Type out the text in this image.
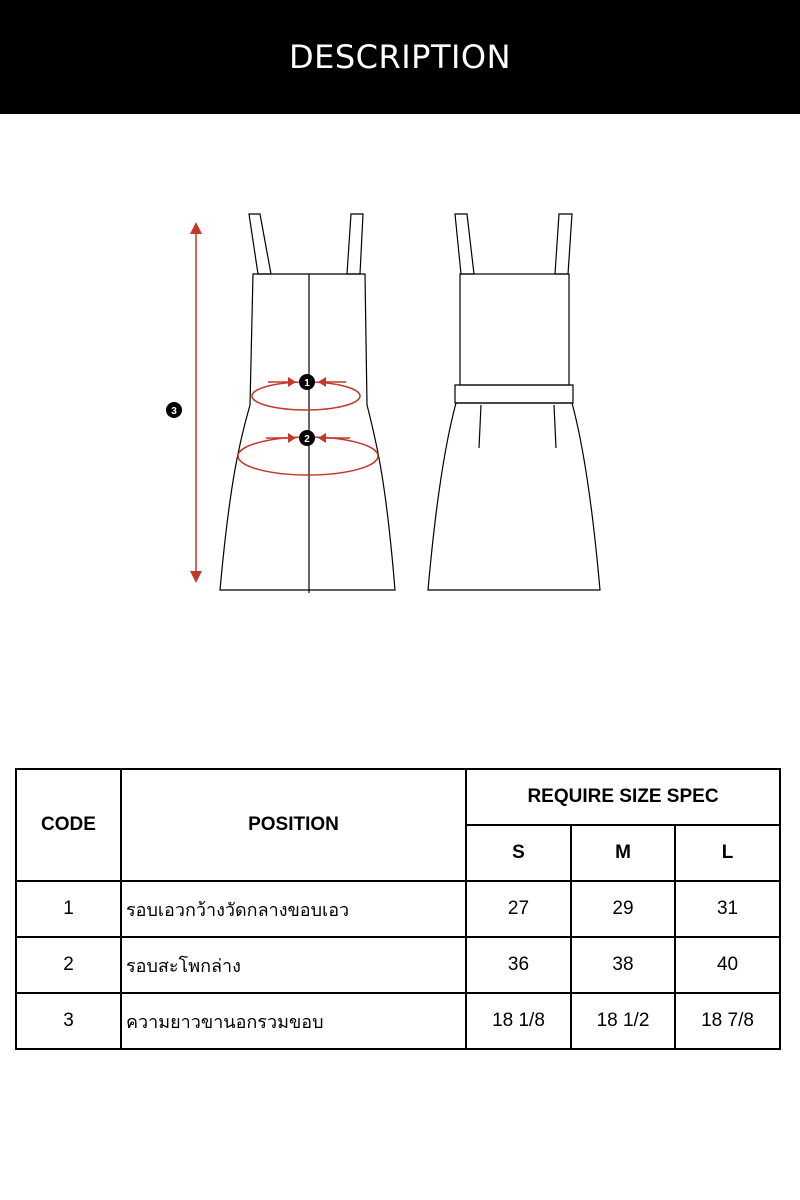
DESCRIPTION
1
2
3
CODE	POSITION	REQUIRE SIZE SPEC		
		S	M	L
1	รอบเอวกว้างวัดกลางขอบเอว	27	29	31
2	รอบสะโพกล่าง	36	38	40
3	ความยาวขานอกรวมขอบ	18 1/8	18 1/2	18 7/8
